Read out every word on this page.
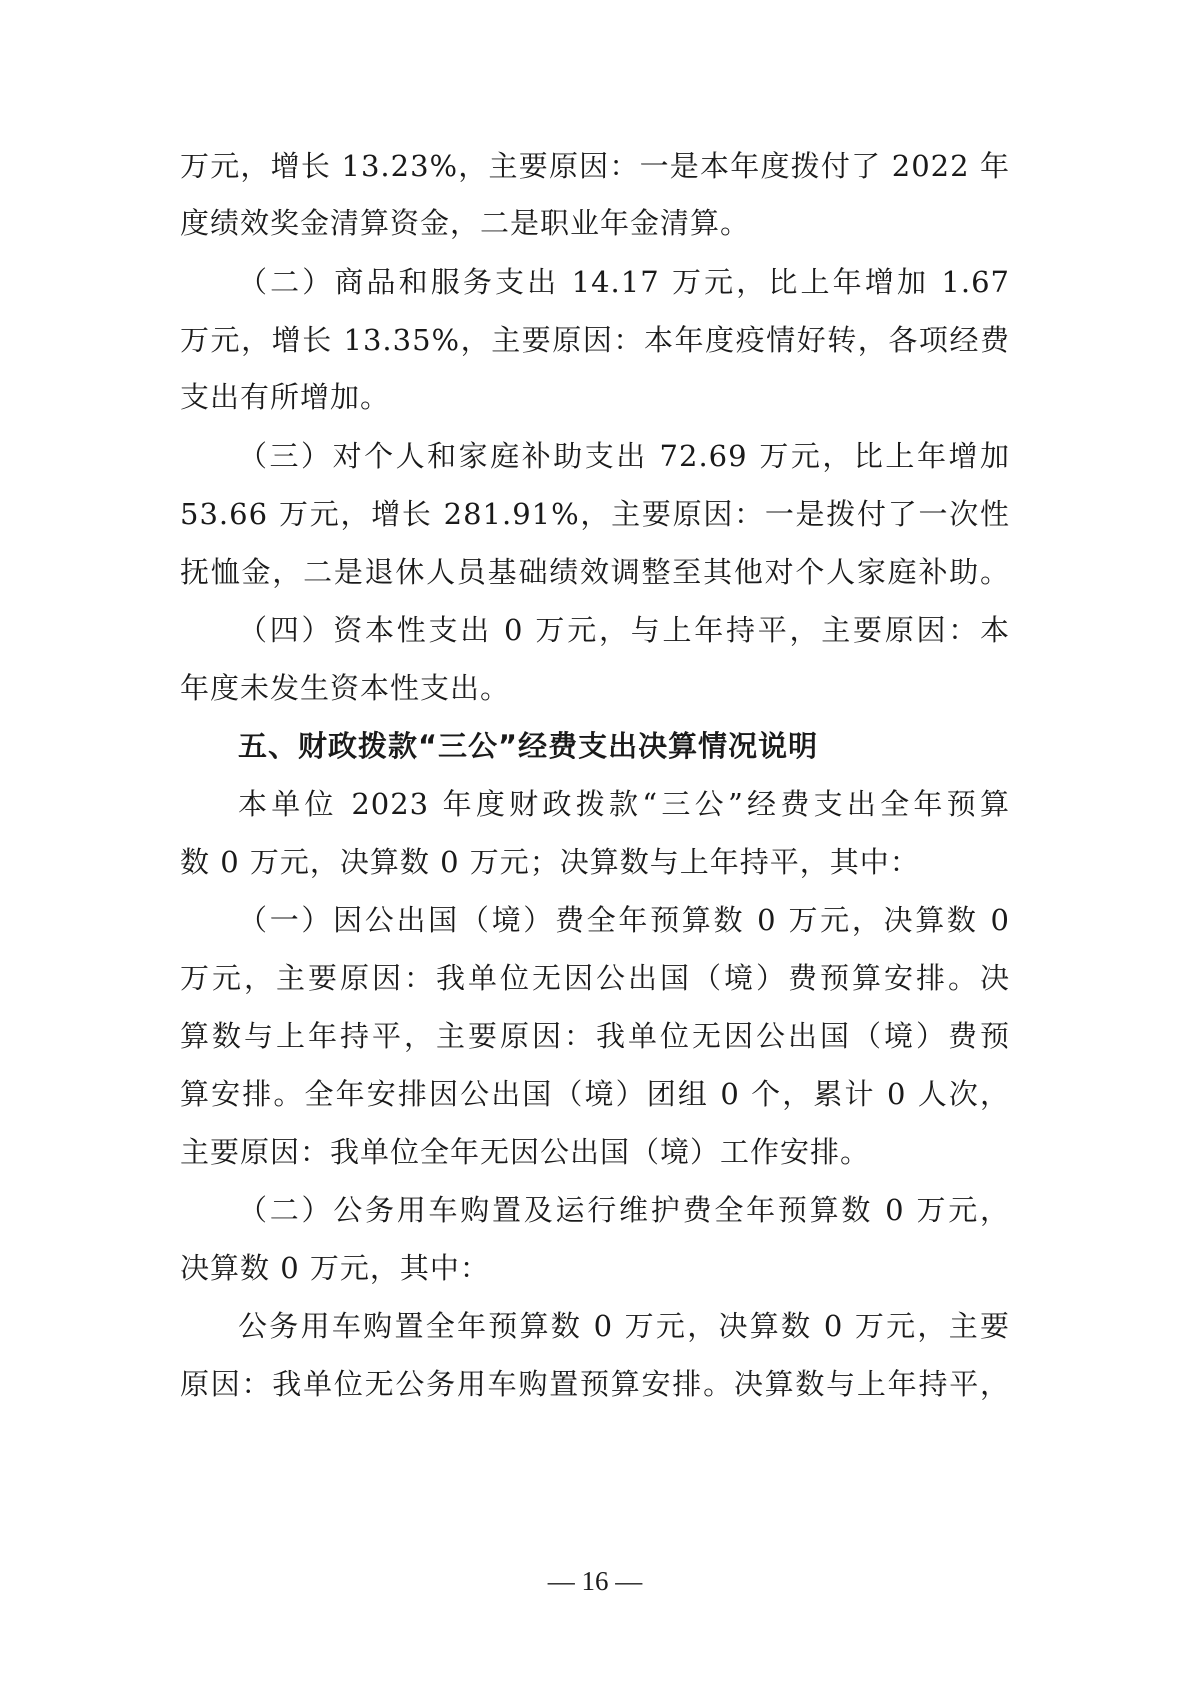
万元，增长 13.23%，主要原因：一是本年度拨付了 2022 年
度绩效奖金清算资金，二是职业年金清算。
（二）商品和服务支出 14.17 万元，比上年增加 1.67
万元，增长 13.35%，主要原因：本年度疫情好转，各项经费
支出有所增加。
（三）对个人和家庭补助支出 72.69 万元，比上年增加
53.66 万元，增长 281.91%，主要原因：一是拨付了一次性
抚恤金，二是退休人员基础绩效调整至其他对个人家庭补助。
（四）资本性支出 0 万元，与上年持平，主要原因：本
年度未发生资本性支出。
五、财政拨款“三公”经费支出决算情况说明
本单位 2023 年度财政拨款“三公”经费支出全年预算
数 0 万元，决算数 0 万元；决算数与上年持平，其中：
（一）因公出国（境）费全年预算数 0 万元，决算数 0
万元，主要原因：我单位无因公出国（境）费预算安排。决
算数与上年持平，主要原因：我单位无因公出国（境）费预
算安排。全年安排因公出国（境）团组 0 个，累计 0 人次，
主要原因：我单位全年无因公出国（境）工作安排。
（二）公务用车购置及运行维护费全年预算数 0 万元，
决算数 0 万元，其中：
公务用车购置全年预算数 0 万元，决算数 0 万元，主要
原因：我单位无公务用车购置预算安排。决算数与上年持平，
— 16 —
